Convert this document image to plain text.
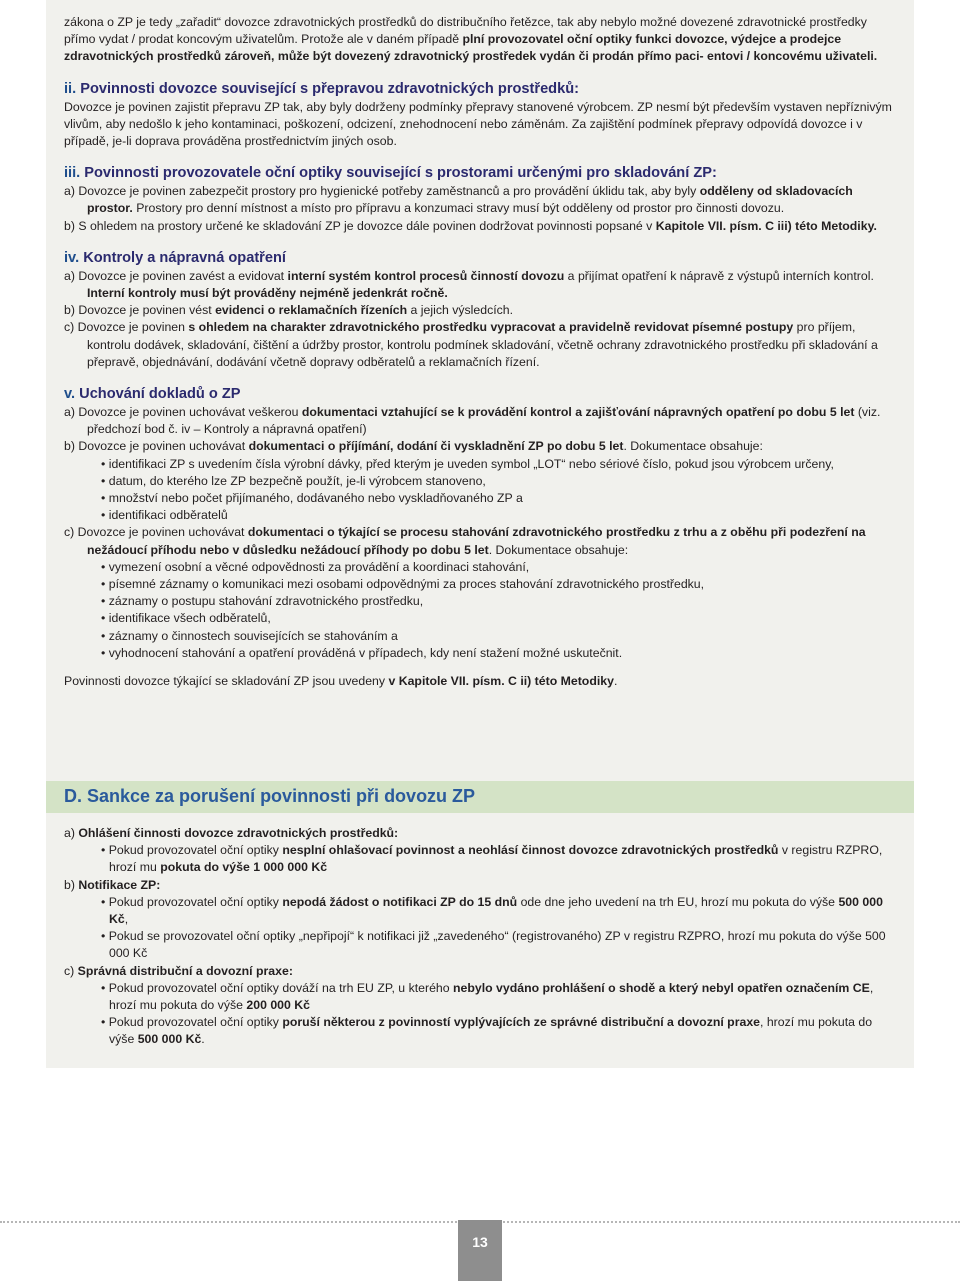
zákona o ZP je tedy „zařadit“ dovozce zdravotnických prostředků do distribučního řetězce, tak aby nebylo možné dovezené zdravotnické prostředky přímo vydat / prodat koncovým uživatelům. Protože ale v daném případě plní provozovatel oční optiky funkci dovozce, výdejce a prodejce zdravotnických prostředků zároveň, může být dovezený zdravotnický prostředek vydán či prodán přímo paci- entovi / koncovému uživateli.

ii. Povinnosti dovozce související s přepravou zdravotnických prostředků:

Dovozce je povinen zajistit přepravu ZP tak, aby byly dodrženy podmínky přepravy stanovené výrobcem. ZP nesmí být především vystaven nepříznivým vlivům, aby nedošlo k jeho kontaminaci, poškození, odcizení, znehodnocení nebo záměnám. Za zajištění podmínek přepravy odpovídá dovozce i v případě, je-li doprava prováděna prostřednictvím jiných osob.

iii. Povinnosti provozovatele oční optiky související s prostorami určenými pro skladování ZP:

a) Dovozce je povinen zabezpečit prostory pro hygienické potřeby zaměstnanců a pro provádění úklidu tak, aby byly odděleny od skladovacích prostor. Prostory pro denní místnost a místo pro přípravu a konzumaci stravy musí být odděleny od prostor pro činnosti dovozu.

b) S ohledem na prostory určené ke skladování ZP je dovozce dále povinen dodržovat povinnosti popsané v Kapitole VII. písm. C iii) této Metodiky.

iv. Kontroly a nápravná opatření

a) Dovozce je povinen zavést a evidovat interní systém kontrol procesů činností dovozu a přijímat opatření k nápravě z výstupů interních kontrol. Interní kontroly musí být prováděny nejméně jedenkrát ročně.

b) Dovozce je povinen vést evidenci o reklamačních řízeních a jejich výsledcích.

c) Dovozce je povinen s ohledem na charakter zdravotnického prostředku vypracovat a pravidelně revidovat písemné postupy pro příjem, kontrolu dodávek, skladování, čištění a údržby prostor, kontrolu podmínek skladování, včetně ochrany zdravotnického prostředku při skladování a přepravě, objednávání, dodávání včetně dopravy odběratelů a reklamačních řízení.

v. Uchování dokladů o ZP

a) Dovozce je povinen uchovávat veškerou dokumentaci vztahující se k provádění kontrol a zajišťování nápravných opatření po dobu 5 let (viz. předchozí bod č. iv – Kontroly a nápravná opatření)

b) Dovozce je povinen uchovávat dokumentaci o příjímání, dodání či vyskladnění ZP po dobu 5 let. Dokumentace obsahuje:

• identifikaci ZP s uvedením čísla výrobní dávky, před kterým je uveden symbol „LOT“ nebo sériové číslo, pokud jsou výrobcem určeny,

• datum, do kterého lze ZP bezpečně použít, je-li výrobcem stanoveno,

• množství nebo počet přijímaného, dodávaného nebo vyskladňovaného ZP a

• identifikaci odběratelů

c) Dovozce je povinen uchovávat dokumentaci o týkající se procesu stahování zdravotnického prostředku z trhu a z oběhu při podezření na nežádoucí příhodu nebo v důsledku nežádoucí příhody po dobu 5 let. Dokumentace obsahuje:

• vymezení osobní a věcné odpovědnosti za provádění a koordinaci stahování,

• písemné záznamy o komunikaci mezi osobami odpovědnými za proces stahování zdravotnického prostředku,

• záznamy o postupu stahování zdravotnického prostředku,

• identifikace všech odběratelů,

• záznamy o činnostech souvisejících se stahováním a

• vyhodnocení stahování a opatření prováděná v případech, kdy není stažení možné uskutečnit.

Povinnosti dovozce týkající se skladování ZP jsou uvedeny v Kapitole VII. písm. C ii) této Metodiky.

D. Sankce za porušení povinnosti při dovozu ZP

a) Ohlášení činnosti dovozce zdravotnických prostředků:

• Pokud provozovatel oční optiky nesplní ohlašovací povinnost a neohlásí činnost dovozce zdravotnických prostředků v registru RZPRO, hrozí mu pokuta do výše 1 000 000 Kč

b) Notifikace ZP:

• Pokud provozovatel oční optiky nepodá žádost o notifikaci ZP do 15 dnů ode dne jeho uvedení na trh EU, hrozí mu pokuta do výše 500 000 Kč,

• Pokud se provozovatel oční optiky „nepřipojí“ k notifikaci již „zavedeného“ (registrovaného) ZP v registru RZPRO, hrozí mu pokuta do výše 500 000 Kč

c) Správná distribuční a dovozní praxe:

• Pokud provozovatel oční optiky dováží na trh EU ZP, u kterého nebylo vydáno prohlášení o shodě a který nebyl opatřen označením CE, hrozí mu pokuta do výše 200 000 Kč

• Pokud provozovatel oční optiky poruší některou z povinností vyplývajících ze správné distribuční a dovozní praxe, hrozí mu pokuta do výše 500 000 Kč.

13
